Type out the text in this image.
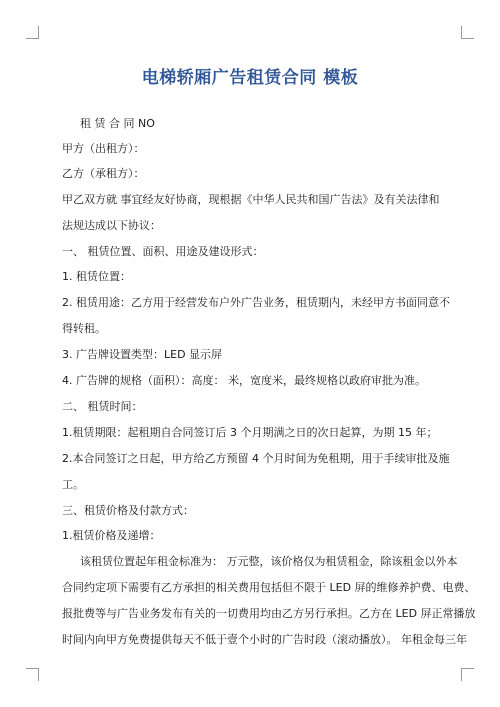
电梯轿厢广告租赁合同 模板
租 赁 合 同 NO
甲方（出租方）：
乙方（承租方）：
甲乙双方就 事宜经友好协商，现根据《中华人民共和国广告法》及有关法律和
法规达成以下协议：
一、 租赁位置、面积、用途及建设形式：
1. 租赁位置：
2. 租赁用途：乙方用于经营发布户外广告业务，租赁期内，未经甲方书面同意不
得转租。
3. 广告牌设置类型：LED 显示屏
4. 广告牌的规格（面积）：高度： 米，宽度米，最终规格以政府审批为准。
二、 租赁时间：
1.租赁期限：起租期自合同签订后 3 个月期满之日的次日起算，为期 15 年；
2.本合同签订之日起，甲方给乙方预留 4 个月时间为免租期，用于手续审批及施
工。
三、租赁价格及付款方式：
1.租赁价格及递增：
该租赁位置起年租金标准为： 万元整，该价格仅为租赁租金，除该租金以外本
合同约定项下需要有乙方承担的相关费用包括但不限于 LED 屏的维修养护费、电费、
报批费等与广告业务发布有关的一切费用均由乙方另行承担。乙方在 LED 屏正常播放
时间内向甲方免费提供每天不低于壹个小时的广告时段（滚动播放）。 年租金每三年
